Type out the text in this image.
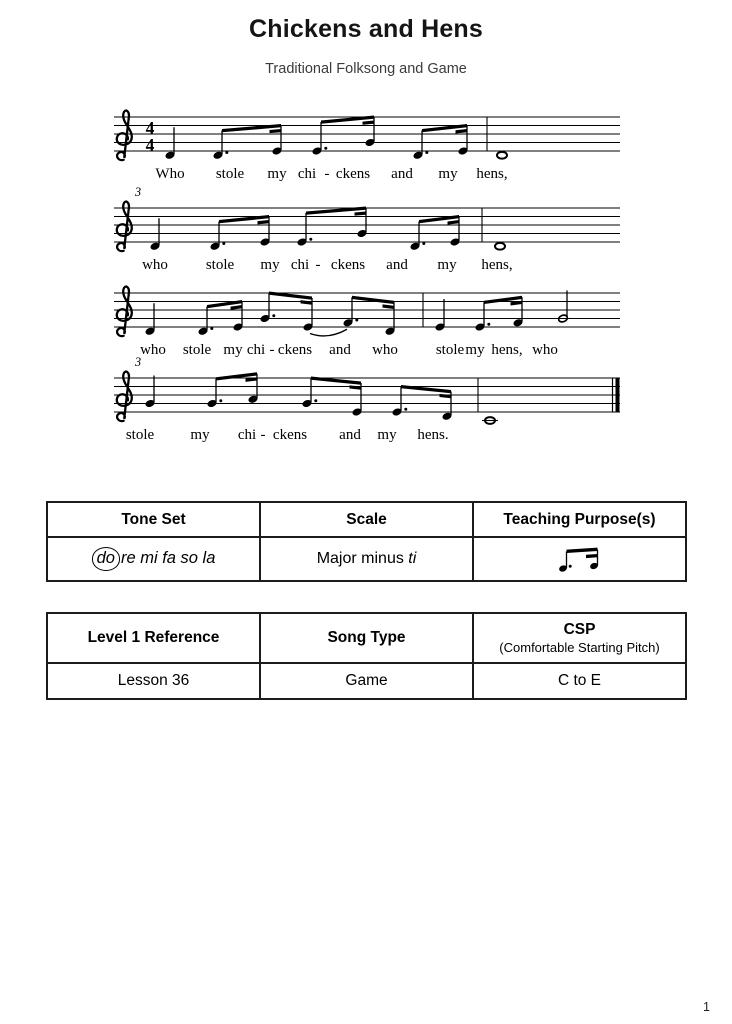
Chickens and Hens

Traditional Folksong and Game

4
4
Who stole my chi - ckens and my hens,
3
who	stole my chi - ckens and my hens,
who stole my chi - ckens and who	stole my hens, who
3
stole my chi - ckens and my hens.
Tone Set	Scale	Teaching Purpose(s)
do re mi fa so la	Major minus ti	
Level 1 Reference	Song Type	CSP
(Comfortable Starting Pitch)

Lesson 36	Game	C to E
1
